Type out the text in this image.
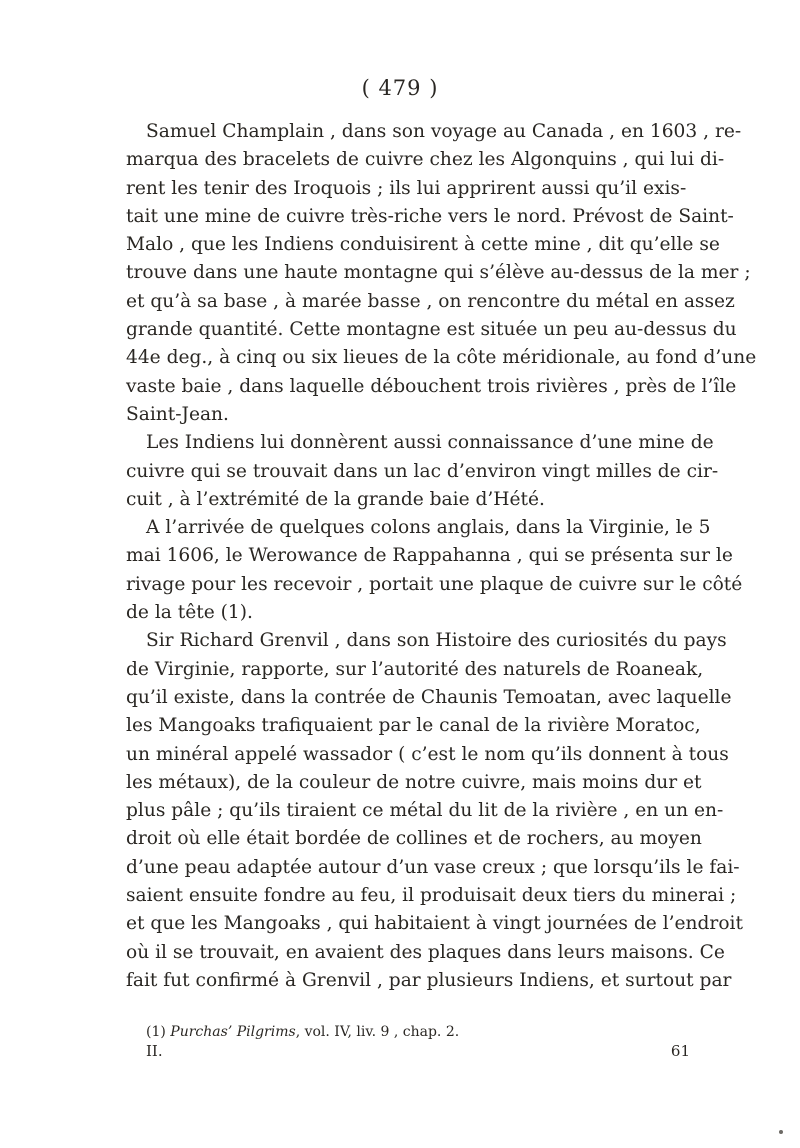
( 479 )
Samuel Champlain , dans son voyage au Canada , en 1603 , re-
marqua des bracelets de cuivre chez les Algonquins , qui lui di-
rent les tenir des Iroquois ; ils lui apprirent aussi qu’il exis-
tait une mine de cuivre très-riche vers le nord. Prévost de Saint-
Malo , que les Indiens conduisirent à cette mine , dit qu’elle se
trouve dans une haute montagne qui s’élève au-dessus de la mer ;
et qu’à sa base , à marée basse , on rencontre du métal en assez
grande quantité. Cette montagne est située un peu au-dessus du
44e deg., à cinq ou six lieues de la côte méridionale, au fond d’une
vaste baie , dans laquelle débouchent trois rivières , près de l’île
Saint-Jean.
Les Indiens lui donnèrent aussi connaissance d’une mine de
cuivre qui se trouvait dans un lac d’environ vingt milles de cir-
cuit , à l’extrémité de la grande baie d’Hété.
A l’arrivée de quelques colons anglais, dans la Virginie, le 5
mai 1606, le Werowance de Rappahanna , qui se présenta sur le
rivage pour les recevoir , portait une plaque de cuivre sur le côté
de la tête (1).
Sir Richard Grenvil , dans son Histoire des curiosités du pays
de Virginie, rapporte, sur l’autorité des naturels de Roaneak,
qu’il existe, dans la contrée de Chaunis Temoatan, avec laquelle
les Mangoaks trafiquaient par le canal de la rivière Moratoc,
un minéral appelé wassador ( c’est le nom qu’ils donnent à tous
les métaux), de la couleur de notre cuivre, mais moins dur et
plus pâle ; qu’ils tiraient ce métal du lit de la rivière , en un en-
droit où elle était bordée de collines et de rochers, au moyen
d’une peau adaptée autour d’un vase creux ; que lorsqu’ils le fai-
saient ensuite fondre au feu, il produisait deux tiers du minerai ;
et que les Mangoaks , qui habitaient à vingt journées de l’endroit
où il se trouvait, en avaient des plaques dans leurs maisons. Ce
fait fut confirmé à Grenvil , par plusieurs Indiens, et surtout par
(1) Purchas’ Pilgrims, vol. IV, liv. 9 , chap. 2.
II.	61
